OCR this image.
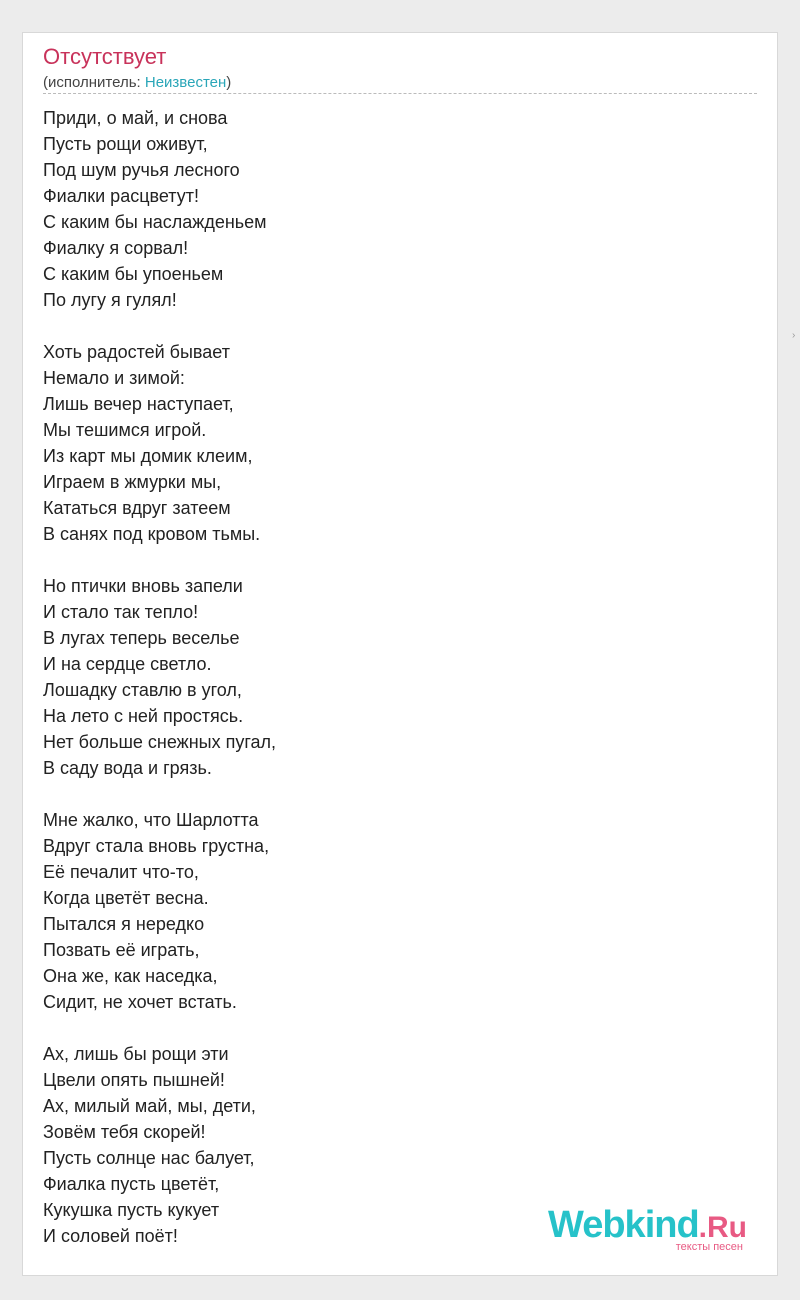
Отсутствует
(исполнитель: Неизвестен)
Приди, о май, и снова
Пусть рощи оживут,
Под шум ручья лесного
Фиалки расцветут!
С каким бы наслажденьем
Фиалку я сорвал!
С каким бы упоеньем
По лугу я гулял!
Хоть радостей бывает
Немало и зимой:
Лишь вечер наступает,
Мы тешимся игрой.
Из карт мы домик клеим,
Играем в жмурки мы,
Кататься вдруг затеем
В санях под кровом тьмы.
Но птички вновь запели
И стало так тепло!
В лугах теперь веселье
И на сердце светло.
Лошадку ставлю в угол,
На лето с ней простясь.
Нет больше снежных пугал,
В саду вода и грязь.
Мне жалко, что Шарлотта
Вдруг стала вновь грустна,
Её печалит что-то,
Когда цветёт весна.
Пытался я нередко
Позвать её играть,
Она же, как наседка,
Сидит, не хочет встать.
Ах, лишь бы рощи эти
Цвели опять пышней!
Ах, милый май, мы, дети,
Зовём тебя скорей!
Пусть солнце нас балует,
Фиалка пусть цветёт,
Кукушка пусть кукует
И соловей поёт!	Webkind.Ru
тексты песен
›
